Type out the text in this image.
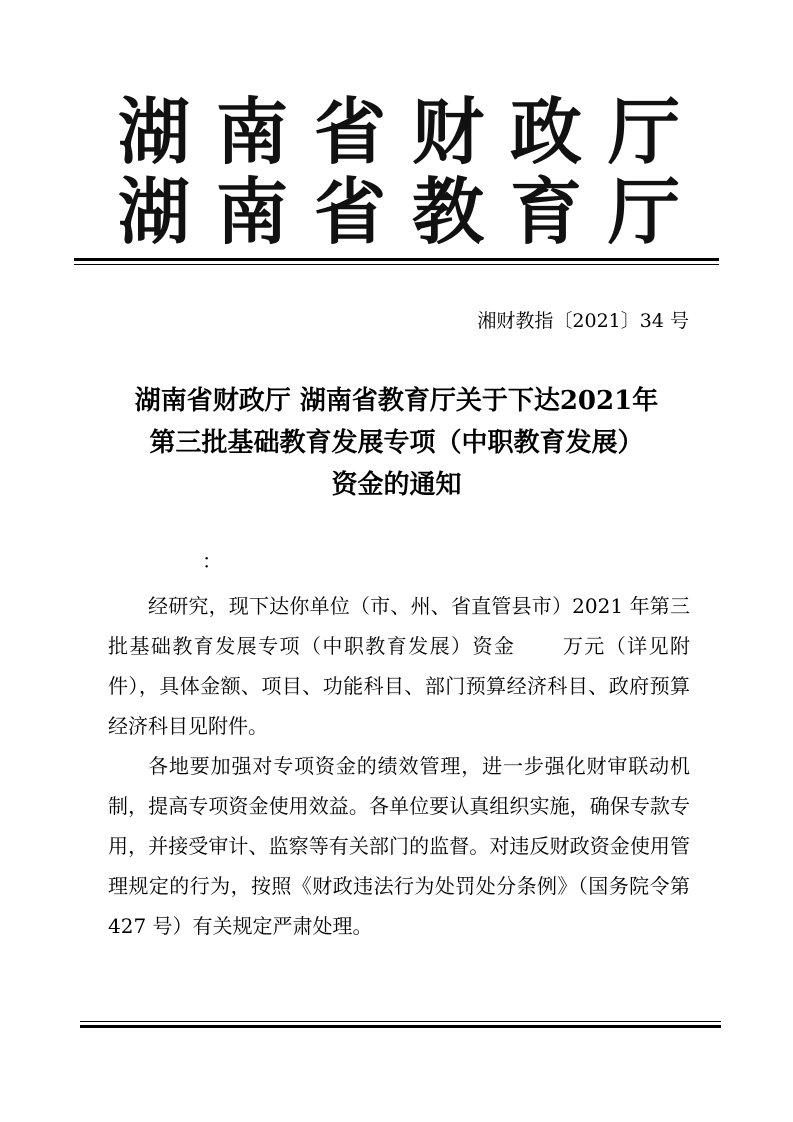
湖南省财政厅
湖南省教育厅
湘财教指〔2021〕34 号
湖南省财政厅 湖南省教育厅关于下达2021年
第三批基础教育发展专项（中职教育发展）
资金的通知
：

经研究，现下达你单位（市、州、省直管县市）2021 年第三批基础教育发展专项（中职教育发展）资金 万元（详见附件），具体金额、项目、功能科目、部门预算经济科目、政府预算经济科目见附件。

各地要加强对专项资金的绩效管理，进一步强化财审联动机制，提高专项资金使用效益。各单位要认真组织实施，确保专款专用，并接受审计、监察等有关部门的监督。对违反财政资金使用管理规定的行为，按照《财政违法行为处罚处分条例》（国务院令第 427 号）有关规定严肃处理。
